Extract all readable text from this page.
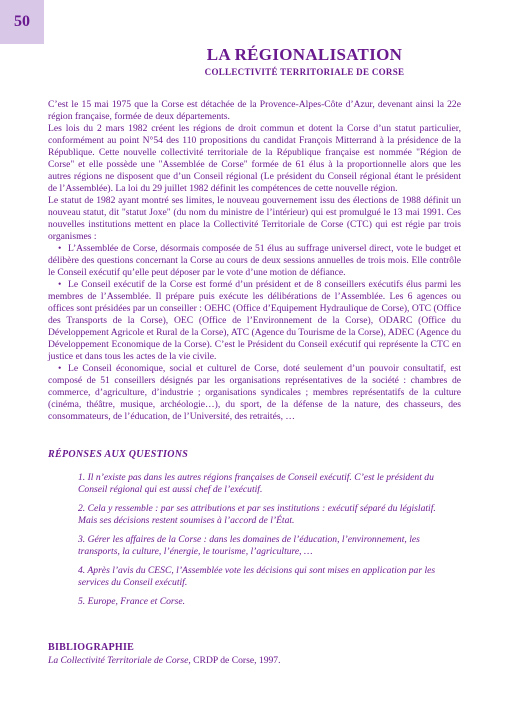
50
LA RÉGIONALISATION
COLLECTIVITÉ TERRITORIALE DE CORSE

C’est le 15 mai 1975 que la Corse est détachée de la Provence-Alpes-Côte d’Azur, devenant ainsi la 22e région française, formée de deux départements.

Les lois du 2 mars 1982 créent les régions de droit commun et dotent la Corse d’un statut particulier, conformément au point N°54 des 110 propositions du candidat François Mitterrand à la présidence de la République. Cette nouvelle collectivité territoriale de la République française est nommée "Région de Corse" et elle possède une "Assemblée de Corse" formée de 61 élus à la proportionnelle alors que les autres régions ne disposent que d’un Conseil régional (Le président du Conseil régional étant le président de l’Assemblée). La loi du 29 juillet 1982 définit les compétences de cette nouvelle région.

Le statut de 1982 ayant montré ses limites, le nouveau gouvernement issu des élections de 1988 définit un nouveau statut, dit "statut Joxe" (du nom du ministre de l’intérieur) qui est promulgué le 13 mai 1991. Ces nouvelles institutions mettent en place la Collectivité Territoriale de Corse (CTC) qui est régie par trois organismes :

• L’Assemblée de Corse, désormais composée de 51 élus au suffrage universel direct, vote le budget et délibère des questions concernant la Corse au cours de deux sessions annuelles de trois mois. Elle contrôle le Conseil exécutif qu’elle peut déposer par le vote d’une motion de défiance.
• Le Conseil exécutif de la Corse est formé d’un président et de 8 conseillers exécutifs élus parmi les membres de l’Assemblée. Il prépare puis exécute les délibérations de l’Assemblée. Les 6 agences ou offices sont présidées par un conseiller : OEHC (Office d’Equipement Hydraulique de Corse), OTC (Office des Transports de la Corse), OEC (Office de l’Environnement de la Corse), ODARC (Office du Développement Agricole et Rural de la Corse), ATC (Agence du Tourisme de la Corse), ADEC (Agence du Développement Economique de la Corse). C’est le Président du Conseil exécutif qui représente la CTC en justice et dans tous les actes de la vie civile.
• Le Conseil économique, social et culturel de Corse, doté seulement d’un pouvoir consultatif, est composé de 51 conseillers désignés par les organisations représentatives de la société : chambres de commerce, d’agriculture, d’industrie ; organisations syndicales ; membres représentatifs de la culture (cinéma, théâtre, musique, archéologie…), du sport, de la défense de la nature, des chasseurs, des consommateurs, de l’éducation, de l’Université, des retraités, …
RÉPONSES AUX QUESTIONS

1. Il n’existe pas dans les autres régions françaises de Conseil exécutif. C’est le président du Conseil régional qui est aussi chef de l’exécutif.

2. Cela y ressemble : par ses attributions et par ses institutions : exécutif séparé du législatif. Mais ses décisions restent soumises à l’accord de l’État.

3. Gérer les affaires de la Corse : dans les domaines de l’éducation, l’environnement, les transports, la culture, l’énergie, le tourisme, l’agriculture, …

4. Après l’avis du CESC, l’Assemblée vote les décisions qui sont mises en application par les services du Conseil exécutif.

5. Europe, France et Corse.

BIBLIOGRAPHIE
La Collectivité Territoriale de Corse, CRDP de Corse, 1997.
